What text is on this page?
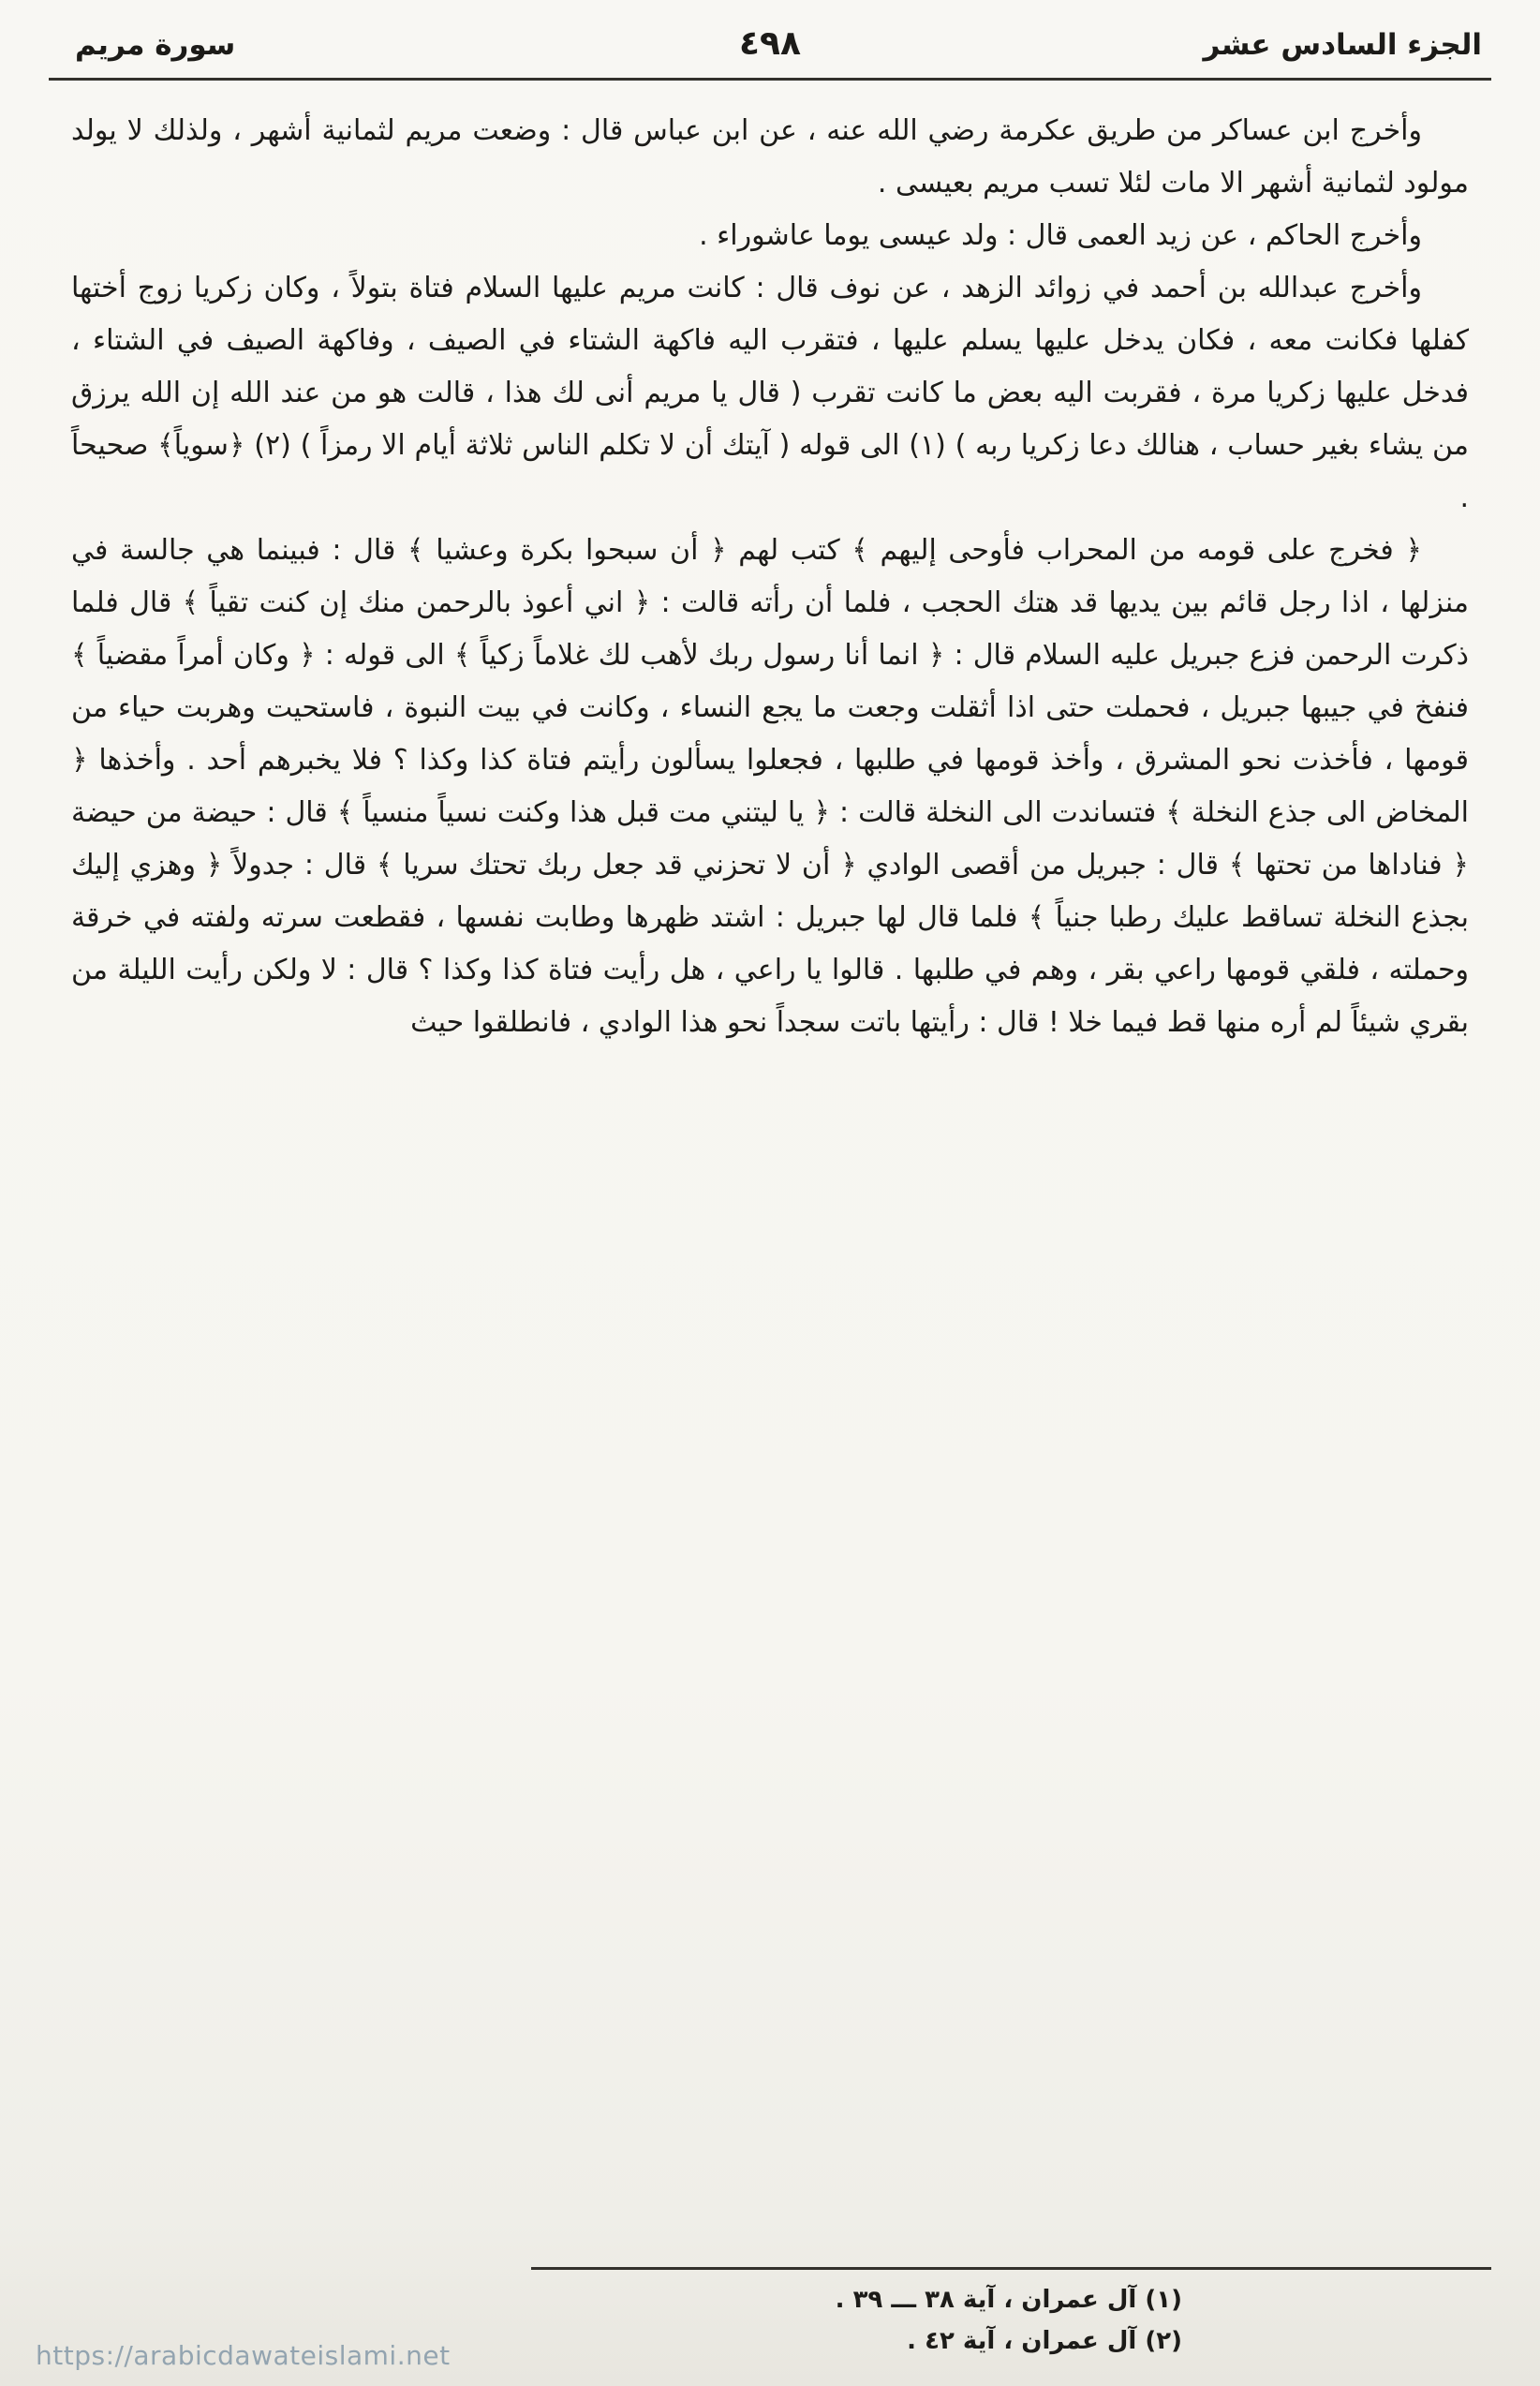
الجزء السادس عشر
٤٩٨
سورة مريم

وأخرج ابن عساكر من طريق عكرمة رضي الله عنه ، عن ابن عباس قال : وضعت مريم لثمانية أشهر ، ولذلك لا يولد مولود لثمانية أشهر الا مات لئلا تسب مريم بعيسى .

وأخرج الحاكم ، عن زيد العمى قال : ولد عيسى يوما عاشوراء .

وأخرج عبدالله بن أحمد في زوائد الزهد ، عن نوف قال : كانت مريم عليها السلام فتاة بتولاً ، وكان زكريا زوج أختها كفلها فكانت معه ، فكان يدخل عليها يسلم عليها ، فتقرب اليه فاكهة الشتاء في الصيف ، وفاكهة الصيف في الشتاء ، فدخل عليها زكريا مرة ، فقربت اليه بعض ما كانت تقرب ( قال يا مريم أنى لك هذا ، قالت هو من عند الله إن الله يرزق من يشاء بغير حساب ، هنالك دعا زكريا ربه ) (١) الى قوله ( آيتك أن لا تكلم الناس ثلاثة أيام الا رمزاً ) (٢) ﴿سوياً﴾ صحيحاً .

﴿ فخرج على قومه من المحراب فأوحى إليهم ﴾ كتب لهم ﴿ أن سبحوا بكرة وعشيا ﴾ قال : فبينما هي جالسة في منزلها ، اذا رجل قائم بين يديها قد هتك الحجب ، فلما أن رأته قالت : ﴿ اني أعوذ بالرحمن منك إن كنت تقياً ﴾ قال فلما ذكرت الرحمن فزع جبريل عليه السلام قال : ﴿ انما أنا رسول ربك لأهب لك غلاماً زكياً ﴾ الى قوله : ﴿ وكان أمراً مقضياً ﴾ فنفخ في جيبها جبريل ، فحملت حتى اذا أثقلت وجعت ما يجع النساء ، وكانت في بيت النبوة ، فاستحيت وهربت حياء من قومها ، فأخذت نحو المشرق ، وأخذ قومها في طلبها ، فجعلوا يسألون رأيتم فتاة كذا وكذا ؟ فلا يخبرهم أحد . وأخذها ﴿ المخاض الى جذع النخلة ﴾ فتساندت الى النخلة قالت : ﴿ يا ليتني مت قبل هذا وكنت نسياً منسياً ﴾ قال : حيضة من حيضة ﴿ فناداها من تحتها ﴾ قال : جبريل من أقصى الوادي ﴿ أن لا تحزني قد جعل ربك تحتك سريا ﴾ قال : جدولاً ﴿ وهزي إليك بجذع النخلة تساقط عليك رطبا جنياً ﴾ فلما قال لها جبريل : اشتد ظهرها وطابت نفسها ، فقطعت سرته ولفته في خرقة وحملته ، فلقي قومها راعي بقر ، وهم في طلبها . قالوا يا راعي ، هل رأيت فتاة كذا وكذا ؟ قال : لا ولكن رأيت الليلة من بقري شيئاً لم أره منها قط فيما خلا ! قال : رأيتها باتت سجداً نحو هذا الوادي ، فانطلقوا حيث

(١) آل عمران ، آية ٣٨ ـــ ٣٩ .

(٢) آل عمران ، آية ٤٢ .

https://arabicdawateislami.net
